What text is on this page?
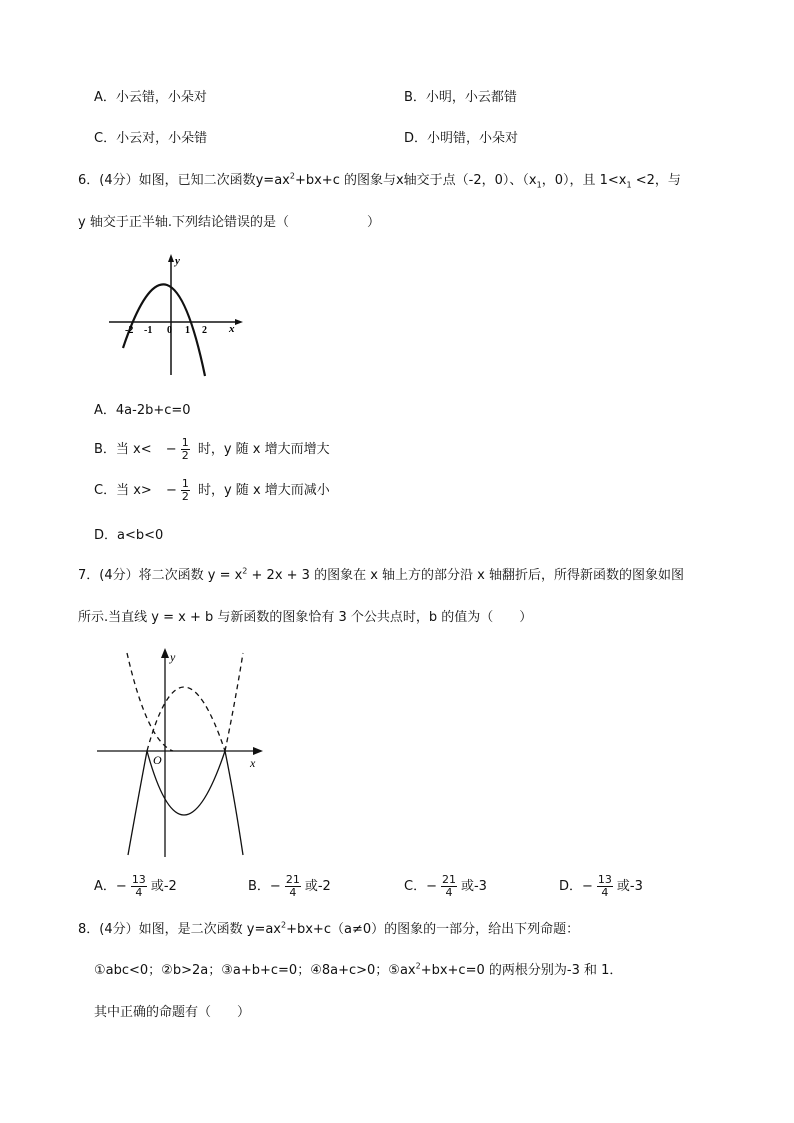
A．小云错，小朵对	B．小明，小云都错
C．小云对，小朵错	D．小明错，小朵对
6．(4分）如图，已知二次函数$y=ax^2+bx+c$ 的图象与x轴交于点（-2，0）、（$x_1$，0），且 $1<x_1 <2$，与
y 轴交于正半轴.下列结论错误的是（　　　　　　）
y
x
-2 -1 0 1 2
A．4a-2b+c=0
B．当 $x< - \frac{1}{2}$ 时，y 随 x 增大而增大
C．当 $x> - \frac{1}{2}$ 时，y 随 x 增大而减小
D．a<b<0
7．(4分）将二次函数 $y = x^2 + 2x + 3$ 的图象在 x 轴上方的部分沿 x 轴翻折后，所得新函数的图象如图
所示.当直线 y = x + b 与新函数的图象恰有 3 个公共点时，b 的值为（　　）
y
x
O
A．− $\frac{13}{4}$ 或-2	B．− $\frac{21}{4}$ 或-2	C．− $\frac{21}{4}$ 或-3	D．− $\frac{13}{4}$ 或-3
8．(4分）如图，是二次函数 $y=ax^2+bx+c(a\ne 0)$的图象的一部分，给出下列命题：
①abc<0；②b>2a；③a+b+c=0；④8a+c>0；$⑤ax^2+bx+c=0$ 的两根分别为-3 和 1．
其中正确的命题有（　　）
